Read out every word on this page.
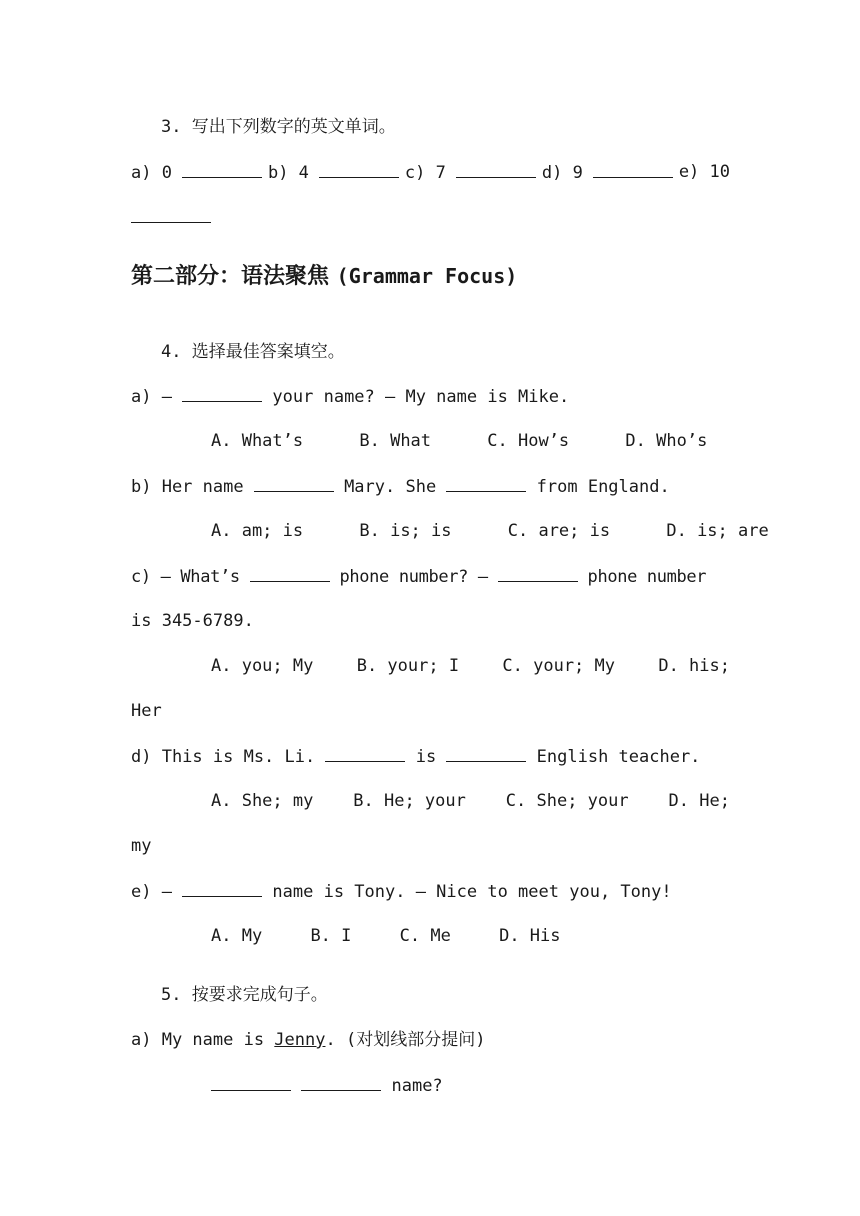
3. 写出下列数字的英文单词。
a) 0	b) 4	c) 7	d) 9	e) 10
第二部分：语法聚焦 (Grammar Focus)
4. 选择最佳答案填空。
a) —	your name? — My name is Mike.
A. What’s	B. What	C. How’s	D. Who’s
b) Her name	Mary. She	from England.
A. am; is	B. is; is	C. are; is	D. is; are
c) — What’s	phone number? —	phone number
is 345-6789.
A. you; My	B. your; I	C. your; My	D. his;
Her
d) This is Ms. Li.	is	English teacher.
A. She; my B. He; your C. She; your D. He;
my
e) —	name is Tony. — Nice to meet you, Tony!
A. My	B. I	C. Me	D. His
5. 按要求完成句子。
a) My name is Jenny. (对划线部分提问)
name?
